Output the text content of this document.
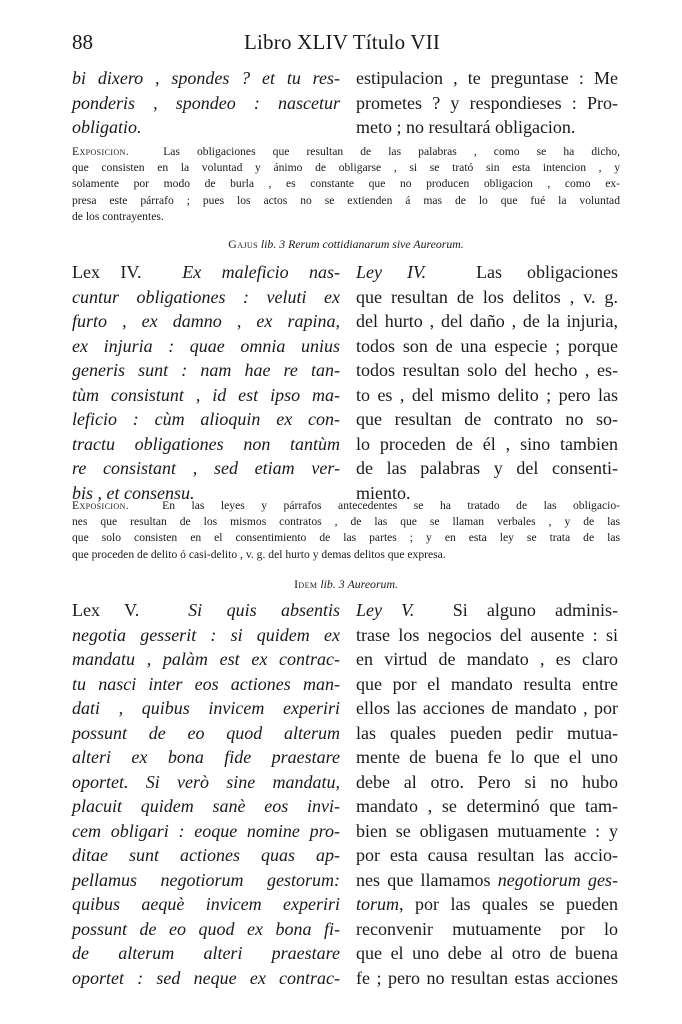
88	Libro XLIV Título VII
bi dixero , spondes ? et tu res-
ponderis , spondeo : nascetur
obligatio.
estipulacion , te preguntase : Me
prometes ? y respondieses : Pro-
meto ; no resultará obligacion.
Exposicion.	Las obligaciones que resultan de las palabras , como se ha dicho,
que consisten en la voluntad y ánimo de obligarse , si se trató sin esta intencion , y
solamente por modo de burla , es constante que no producen obligacion , como ex-
presa este párrafo ; pues los actos no se extienden á mas de lo que fué la voluntad
de los contrayentes.
Gajus lib. 3 Rerum cottidianarum sive Aureorum.
Lex IV. Ex maleficio nas-
cuntur obligationes : veluti ex
furto , ex damno , ex rapina,
ex injuria : quae omnia unius
generis sunt : nam hae re tan-
tùm consistunt , id est ipso ma-
leficio : cùm alioquin ex con-
tractu obligationes non tantùm
re consistant , sed etiam ver-
bis , et consensu.
Ley IV.	Las obligaciones
que resultan de los delitos , v. g.
del hurto , del daño , de la injuria,
todos son de una especie ; porque
todos resultan solo del hecho , es-
to es , del mismo delito ; pero las
que resultan de contrato no so-
lo proceden de él , sino tambien
de las palabras y del consenti-
miento.
Exposicion.	En las leyes y párrafos antecedentes se ha tratado de las obligacio-
nes que resultan de los mismos contratos , de las que se llaman verbales , y de las
que solo consisten en el consentimiento de las partes ; y en esta ley se trata de las
que proceden de delito ó casi-delito , v. g. del hurto y demas delitos que expresa.
Idem lib. 3 Aureorum.
Lex V.	Si quis absentis
negotia gesserit : si quidem ex
mandatu , palàm est ex contrac-
tu nasci inter eos actiones man-
dati , quibus invicem experiri
possunt de eo quod alterum
alteri ex bona fide praestare
oportet. Si verò sine mandatu,
placuit quidem sanè eos invi-
cem obligari : eoque nomine pro-
ditae sunt actiones quas ap-
pellamus negotiorum gestorum:
quibus aequè invicem experiri
possunt de eo quod ex bona fi-
de alterum alteri praestare
oportet : sed neque ex contrac-
Ley V. Si alguno adminis-
trase los negocios del ausente : si
en virtud de mandato , es claro
que por el mandato resulta entre
ellos las acciones de mandato , por
las quales pueden pedir mutua-
mente de buena fe lo que el uno
debe al otro. Pero si no hubo
mandato , se determinó que tam-
bien se obligasen mutuamente : y
por esta causa resultan las accio-
nes que llamamos negotiorum ges-
torum, por las quales se pueden
reconvenir mutuamente por lo
que el uno debe al otro de buena
fe ; pero no resultan estas acciones
